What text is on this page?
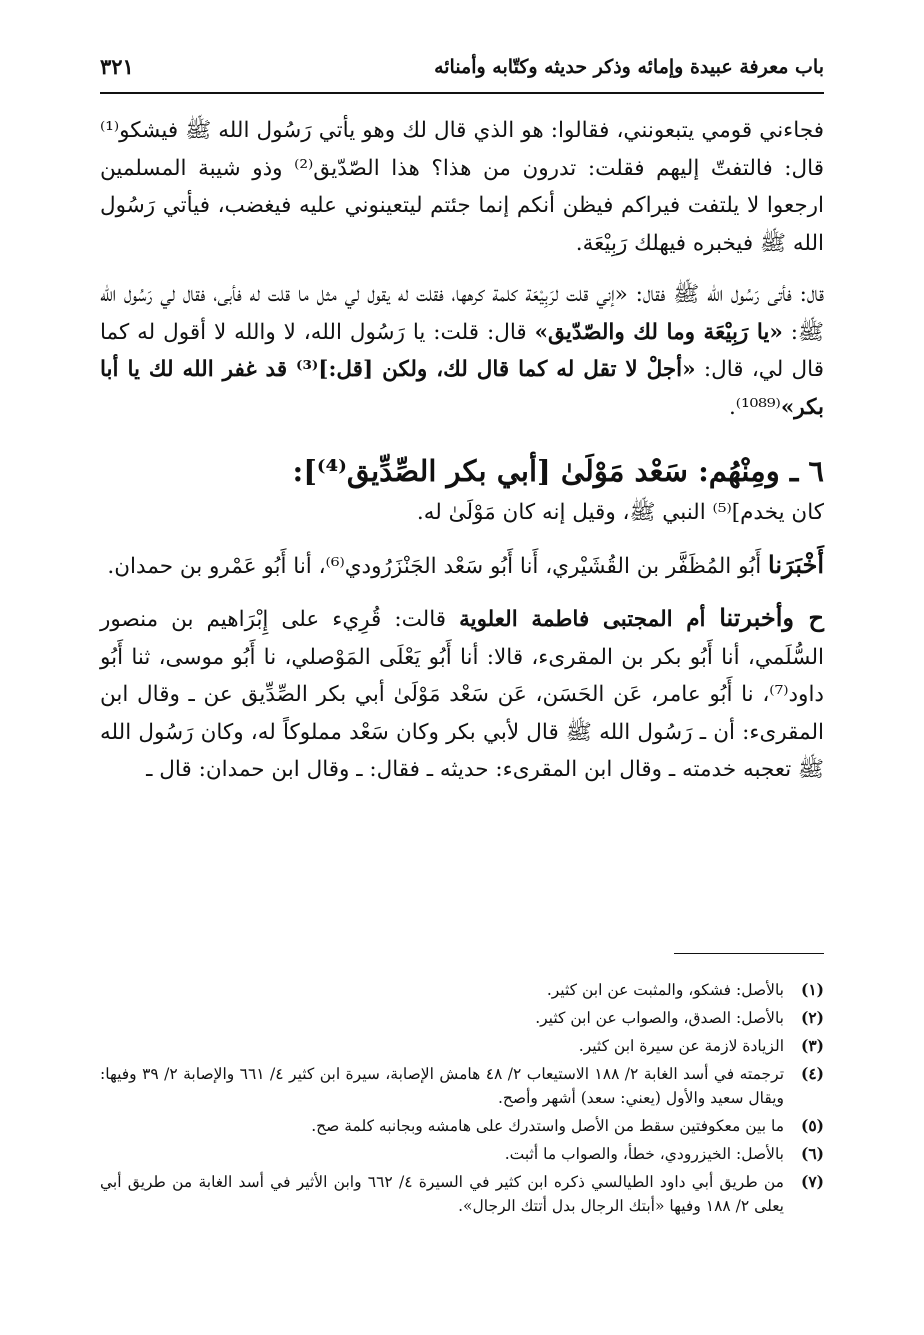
باب معرفة عبيدة وإمائه وذكر حديثه وكتّابه وأمنائه
٣٢١

فجاءني قومي يتبعونني، فقالوا: هو الذي قال لك وهو يأتي رَسُول الله ﷺ فيشكو⁽¹⁾ قال: فالتفتّ إليهم فقلت: تدرون من هذا؟ هذا الصّدّيق⁽²⁾ وذو شيبة المسلمين ارجعوا لا يلتفت فيراكم فيظن أنكم إنما جئتم ليتعينوني عليه فيغضب، فيأتي رَسُول الله ﷺ فيخبره فيهلك رَبِيْعَة.

قال: فأتى رَسُول الله ﷺ فقال: «إني قلت لرَبِيْعَة كلمة كرهها، فقلت له يقول لي مثل ما قلت له فأبى، فقال لي رَسُول الله ﷺ: «يا رَبِيْعَة وما لك والصّدّيق» قال: قلت: يا رَسُول الله، لا والله لا أقول له كما قال لي، قال: «أجلْ لا تقل له كما قال لك، ولكن [قل:]⁽³⁾ قد غفر الله لك يا أبا بكر»⁽¹⁰⁸⁹⁾.

٦ ـ ومِنْهُم: سَعْد مَوْلَىٰ [أبي بكر الصِّدِّيق⁽⁴⁾]:

كان يخدم]⁽⁵⁾ النبي ﷺ، وقيل إنه كان مَوْلَىٰ له.

أَخْبَرَنا أَبُو المُظَفَّر بن القُشَيْري، أَنا أَبُو سَعْد الجَنْزَرُودي⁽⁶⁾، أنا أَبُو عَمْرو بن حمدان.

ح وأخبرتنا أم المجتبى فاطمة العلوية قالت: قُرِيء على إِبْرَاهيم بن منصور السُّلَمي، أنا أَبُو بكر بن المقرىء، قالا: أنا أَبُو يَعْلَى المَوْصلي، نا أَبُو موسى، ثنا أَبُو داود⁽⁷⁾، نا أَبُو عامر، عَن الحَسَن، عَن سَعْد مَوْلَىٰ أبي بكر الصِّدِّيق عن ـ وقال ابن المقرىء: أن ـ رَسُول الله ﷺ قال لأبي بكر وكان سَعْد مملوكاً له، وكان رَسُول الله ﷺ تعجبه خدمته ـ وقال ابن المقرىء: حديثه ـ فقال: ـ وقال ابن حمدان: قال ـ

(١)
بالأصل: فشكو، والمثبت عن ابن كثير.
(٢)
بالأصل: الصدق، والصواب عن ابن كثير.
(٣)
الزيادة لازمة عن سيرة ابن كثير.
(٤)
ترجمته في أسد الغابة ٢/ ١٨٨ الاستيعاب ٢/ ٤٨ هامش الإصابة، سيرة ابن كثير ٤/ ٦٦١ والإصابة ٢/ ٣٩ وفيها: ويقال سعيد والأول (يعني: سعد) أشهر وأصح.
(٥)
ما بين معكوفتين سقط من الأصل واستدرك على هامشه وبجانبه كلمة صح.
(٦)
بالأصل: الخيزرودي، خطأ، والصواب ما أثبت.
(٧)
من طريق أبي داود الطيالسي ذكره ابن كثير في السيرة ٤/ ٦٦٢ وابن الأثير في أسد الغابة من طريق أبي يعلى ٢/ ١٨٨ وفيها «أبتك الرجال بدل أتتك الرجال».
